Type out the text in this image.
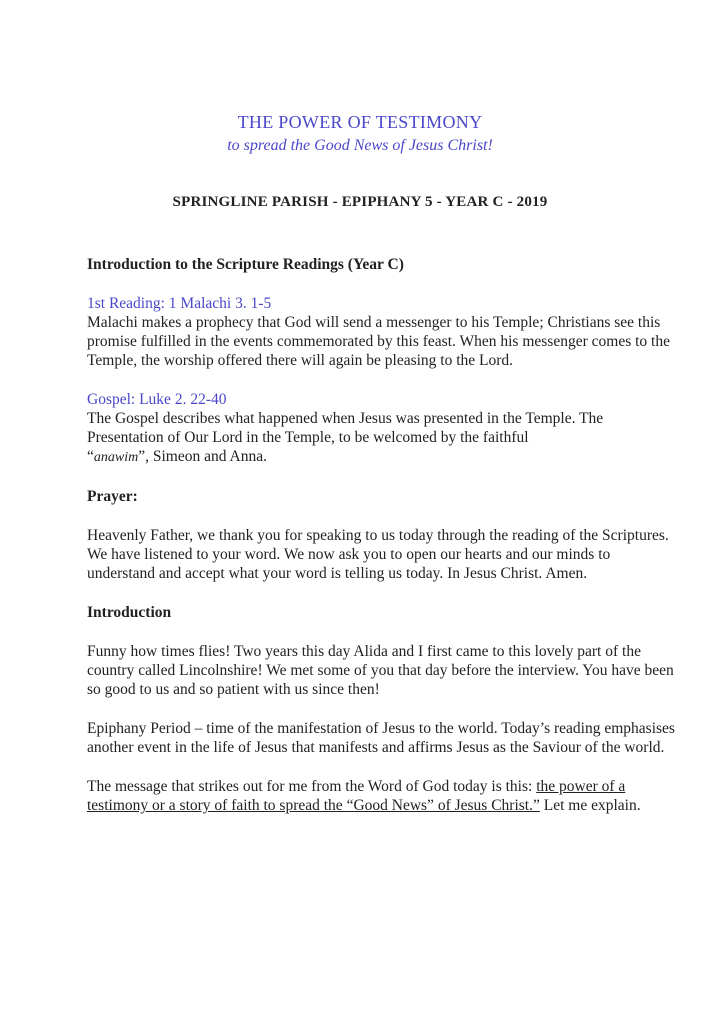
THE POWER OF TESTIMONY
to spread the Good News of Jesus Christ!
SPRINGLINE PARISH - EPIPHANY 5 - YEAR C - 2019

Introduction to the Scripture Readings (Year C)

1st Reading: 1 Malachi 3. 1-5

Malachi makes a prophecy that God will send a messenger to his Temple; Christians see this promise fulfilled in the events commemorated by this feast. When his messenger comes to the Temple, the worship offered there will again be pleasing to the Lord.

Gospel: Luke 2. 22-40

The Gospel describes what happened when Jesus was presented in the Temple. The Presentation of Our Lord in the Temple, to be welcomed by the faithful
“anawim”, Simeon and Anna.

Prayer:

Heavenly Father, we thank you for speaking to us today through the reading of the Scriptures. We have listened to your word. We now ask you to open our hearts and our minds to understand and accept what your word is telling us today. In Jesus Christ. Amen.

Introduction

Funny how times flies! Two years this day Alida and I first came to this lovely part of the country called Lincolnshire! We met some of you that day before the interview. You have been so good to us and so patient with us since then!

Epiphany Period – time of the manifestation of Jesus to the world. Today’s reading emphasises another event in the life of Jesus that manifests and affirms Jesus as the Saviour of the world.

The message that strikes out for me from the Word of God today is this: the power of a testimony or a story of faith to spread the “Good News” of Jesus Christ.” Let me explain.
